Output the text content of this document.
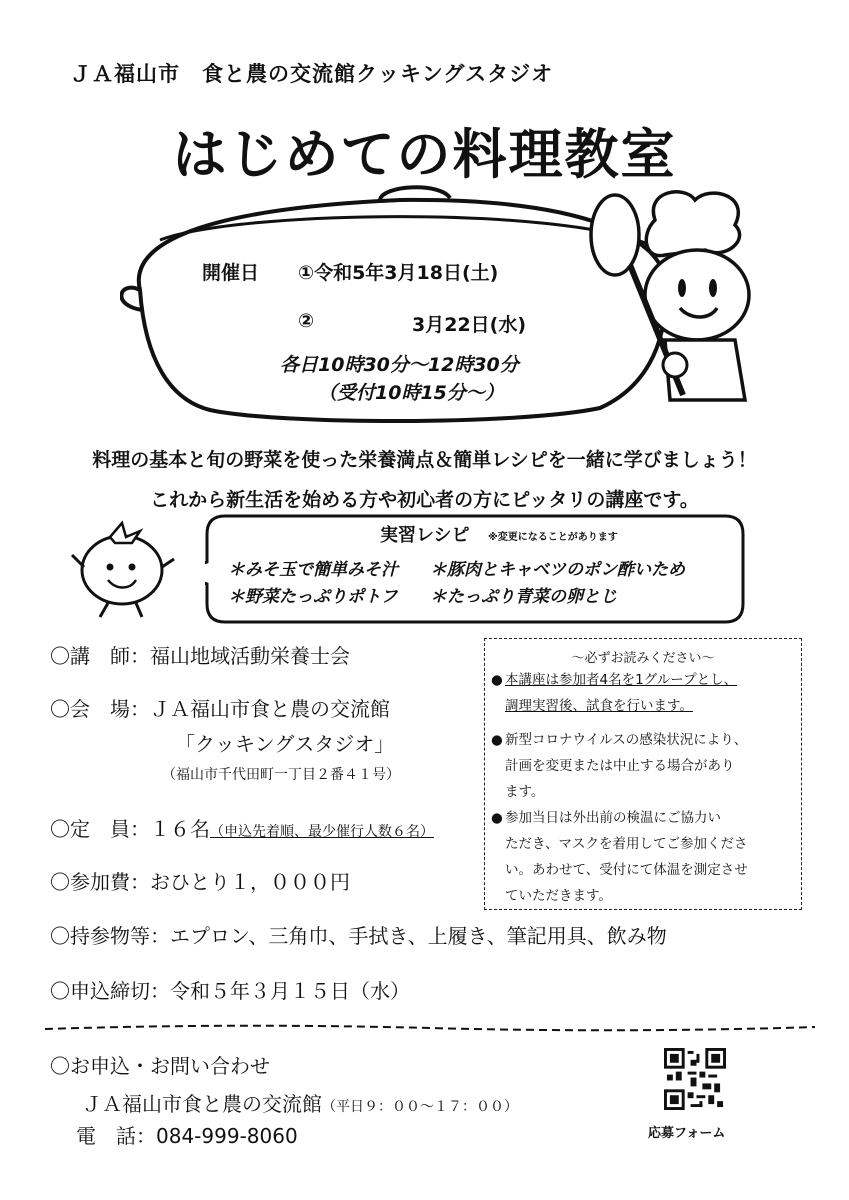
ＪＡ福山市　食と農の交流館クッキングスタジオ
はじめての料理教室
開催日 ①令和5年3月18日(土)
②	3月22日(水)
各日10時30分～12時30分
（受付10時15分～）
料理の基本と旬の野菜を使った栄養満点＆簡単レシピを一緒に学びましょう！
これから新生活を始める方や初心者の方にピッタリの講座です。
実習レシピ ※変更になることがあります
＊みそ玉で簡単みそ汁 ＊豚肉とキャベツのポン酢いため
＊野菜たっぷりポトフ ＊たっぷり青菜の卵とじ
〇講　師：福山地域活動栄養士会
〇会　場：ＪＡ福山市食と農の交流館
「クッキングスタジオ」
（福山市千代田町一丁目２番４１号）
〇定　員：１６名（申込先着順、最少催行人数６名）
〇参加費：おひとり１，０００円
〇持参物等：エプロン、三角巾、手拭き、上履き、筆記用具、飲み物
〇申込締切：令和５年３月１５日（水）
～必ずお読みください～
● 本講座は参加者4名を1グループとし、
調理実習後、試食を行います。
● 新型コロナウイルスの感染状況により、
計画を変更または中止する場合があり
ます。
● 参加当日は外出前の検温にご協力い
ただき、マスクを着用してご参加くださ
い。あわせて、受付にて体温を測定させ
ていただきます。
〇お申込・お問い合わせ
ＪＡ福山市食と農の交流館（平日９：００～１７：００）
電　話：084-999-8060	応募フォーム
